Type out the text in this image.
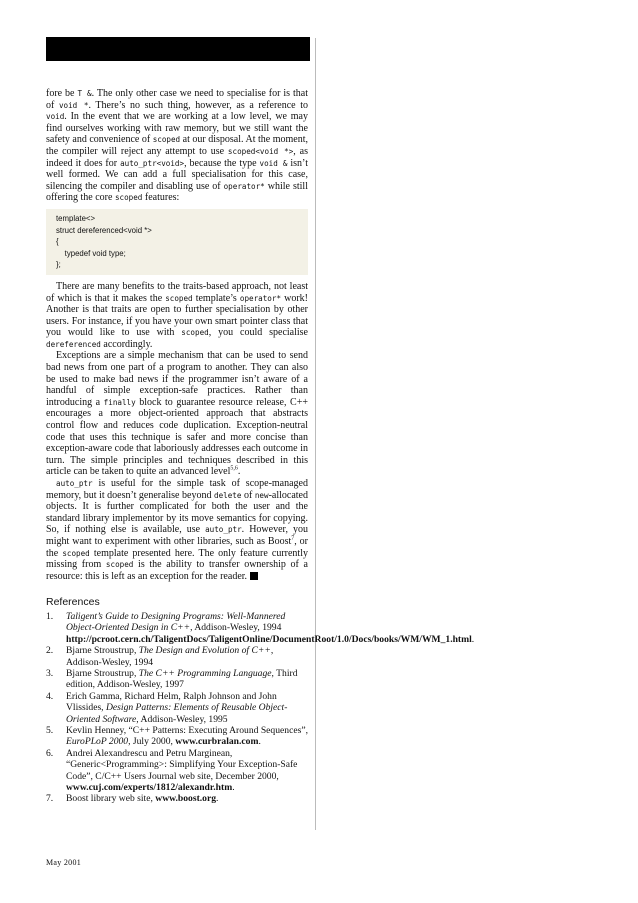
fore be T &. The only other case we need to specialise for is that of void *. There’s no such thing, however, as a reference to void. In the event that we are working at a low level, we may find ourselves working with raw memory, but we still want the safety and convenience of scoped at our disposal. At the moment, the compiler will reject any attempt to use scoped<void *>, as indeed it does for auto_ptr<void>, because the type void & isn’t well formed. We can add a full specialisation for this case, silencing the compiler and disabling use of operator* while still offering the core scoped features:

template<>
struct dereferenced<void *>
{
typedef void type;
};

There are many benefits to the traits-based approach, not least of which is that it makes the scoped template’s operator* work! Another is that traits are open to further specialisation by other users. For instance, if you have your own smart pointer class that you would like to use with scoped, you could specialise dereferenced accordingly.

Exceptions are a simple mechanism that can be used to send bad news from one part of a program to another. They can also be used to make bad news if the programmer isn’t aware of a handful of simple exception-safe practices. Rather than introducing a finally block to guarantee resource release, C++ encourages a more object-oriented approach that abstracts control flow and reduces code duplication. Exception-neutral code that uses this technique is safer and more concise than exception-aware code that laboriously addresses each outcome in turn. The simple principles and techniques described in this article can be taken to quite an advanced level$^{5,6}$.

auto_ptr is useful for the simple task of scope-managed memory, but it doesn’t generalise beyond delete of new-allocated objects. It is further complicated for both the user and the standard library implementor by its move semantics for copying. So, if nothing else is available, use auto_ptr. However, you might want to experiment with other libraries, such as Boost$^7$, or the scoped template presented here. The only feature currently missing from scoped is the ability to transfer ownership of a resource: this is left as an exception for the reader.

References
1. Taligent’s Guide to Designing Programs: Well-Mannered Object-Oriented Design in C++, Addison-Wesley, 1994 http://pcroot.cern.ch/TaligentDocs/TaligentOnline/DocumentRoot/1.0/Docs/books/WM/WM_1.html.
2. Bjarne Stroustrup, The Design and Evolution of C++, Addison-Wesley, 1994
3. Bjarne Stroustrup, The C++ Programming Language, Third edition, Addison-Wesley, 1997
4. Erich Gamma, Richard Helm, Ralph Johnson and John Vlissides, Design Patterns: Elements of Reusable Object-Oriented Software, Addison-Wesley, 1995
5. Kevlin Henney, “C++ Patterns: Executing Around Sequences”, EuroPLoP 2000, July 2000, www.curbralan.com.
6. Andrei Alexandrescu and Petru Marginean, “Generic<Programming>: Simplifying Your Exception-Safe Code”, C/C++ Users Journal web site, December 2000, www.cuj.com/experts/1812/alexandr.htm.
7. Boost library web site, www.boost.org.
May 2001
